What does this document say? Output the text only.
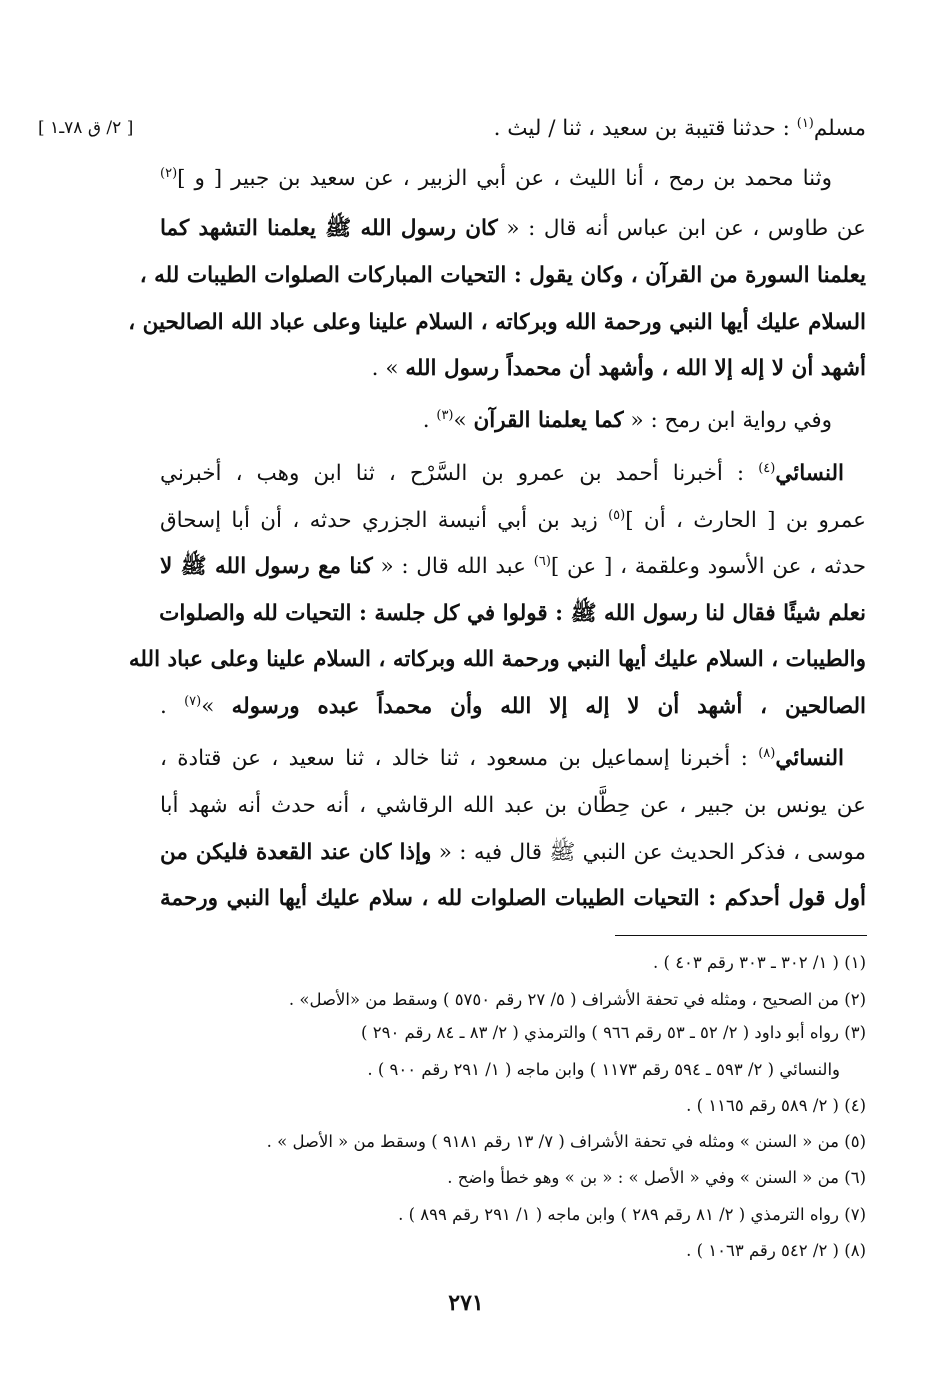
[ ٢/ ق ٧٨ـ١ ]	مسلم$^{(١)}$ : حدثنا قتيبة بن سعيد ، ثنا / ليث .
وثنا محمد بن رمح ، أنا الليث ، عن أبي الزبير ، عن سعيد بن جبير [ و ]$^{(٢)}$
عن طاوس ، عن ابن عباس أنه قال : « كان رسول الله ﷺ يعلمنا التشهد كما
يعلمنا السورة من القرآن ، وكان يقول : التحيات المباركات الصلوات الطيبات لله ،
السلام عليك أيها النبي ورحمة الله وبركاته ، السلام علينا وعلى عباد الله الصالحين ،
أشهد أن لا إله إلا الله ، وأشهد أن محمداً رسول الله » .
وفي رواية ابن رمح : « كما يعلمنا القرآن »$^{(٣)}$ .
النسائي$^{(٤)}$ : أخبرنا أحمد بن عمرو بن السَّرْح ، ثنا ابن وهب ، أخبرني
عمرو بن [ الحارث ، أن ]$^{(٥)}$ زيد بن أبي أنيسة الجزري حدثه ، أن أبا إسحاق
حدثه ، عن الأسود وعلقمة ، [ عن ]$^{(٦)}$ عبد الله قال : « كنا مع رسول الله ﷺ لا
نعلم شيئًا فقال لنا رسول الله ﷺ : قولوا في كل جلسة : التحيات لله والصلوات
والطيبات ، السلام عليك أيها النبي ورحمة الله وبركاته ، السلام علينا وعلى عباد الله
الصالحين ، أشهد أن لا إله إلا الله وأن محمداً عبده ورسوله »$^{(٧)}$ .
النسائي$^{(٨)}$ : أخبرنا إسماعيل بن مسعود ، ثنا خالد ، ثنا سعيد ، عن قتادة ،
عن يونس بن جبير ، عن حِطَّان بن عبد الله الرقاشي ، أنه حدث أنه شهد أبا
موسى ، فذكر الحديث عن النبي ﷺ قال فيه : « وإذا كان عند القعدة فليكن من
أول قول أحدكم : التحيات الطيبات الصلوات لله ، سلام عليك أيها النبي ورحمة
(١) ( ١/ ٣٠٢ ـ ٣٠٣ رقم ٤٠٣ ) .
(٢) من الصحيح ، ومثله في تحفة الأشراف ( ٥/ ٢٧ رقم ٥٧٥٠ ) وسقط من «الأصل» .
(٣) رواه أبو داود ( ٢/ ٥٢ ـ ٥٣ رقم ٩٦٦ ) والترمذي ( ٢/ ٨٣ ـ ٨٤ رقم ٢٩٠ )
والنسائي ( ٢/ ٥٩٣ ـ ٥٩٤ رقم ١١٧٣ ) وابن ماجه ( ١/ ٢٩١ رقم ٩٠٠ ) .
(٤) ( ٢/ ٥٨٩ رقم ١١٦٥ ) .
(٥) من « السنن » ومثله في تحفة الأشراف ( ٧/ ١٣ رقم ٩١٨١ ) وسقط من « الأصل » .
(٦) من « السنن » وفي « الأصل » : « بن » وهو خطأ واضح .
(٧) رواه الترمذي ( ٢/ ٨١ رقم ٢٨٩ ) وابن ماجه ( ١/ ٢٩١ رقم ٨٩٩ ) .
(٨) ( ٢/ ٥٤٢ رقم ١٠٦٣ ) .
٢٧١
